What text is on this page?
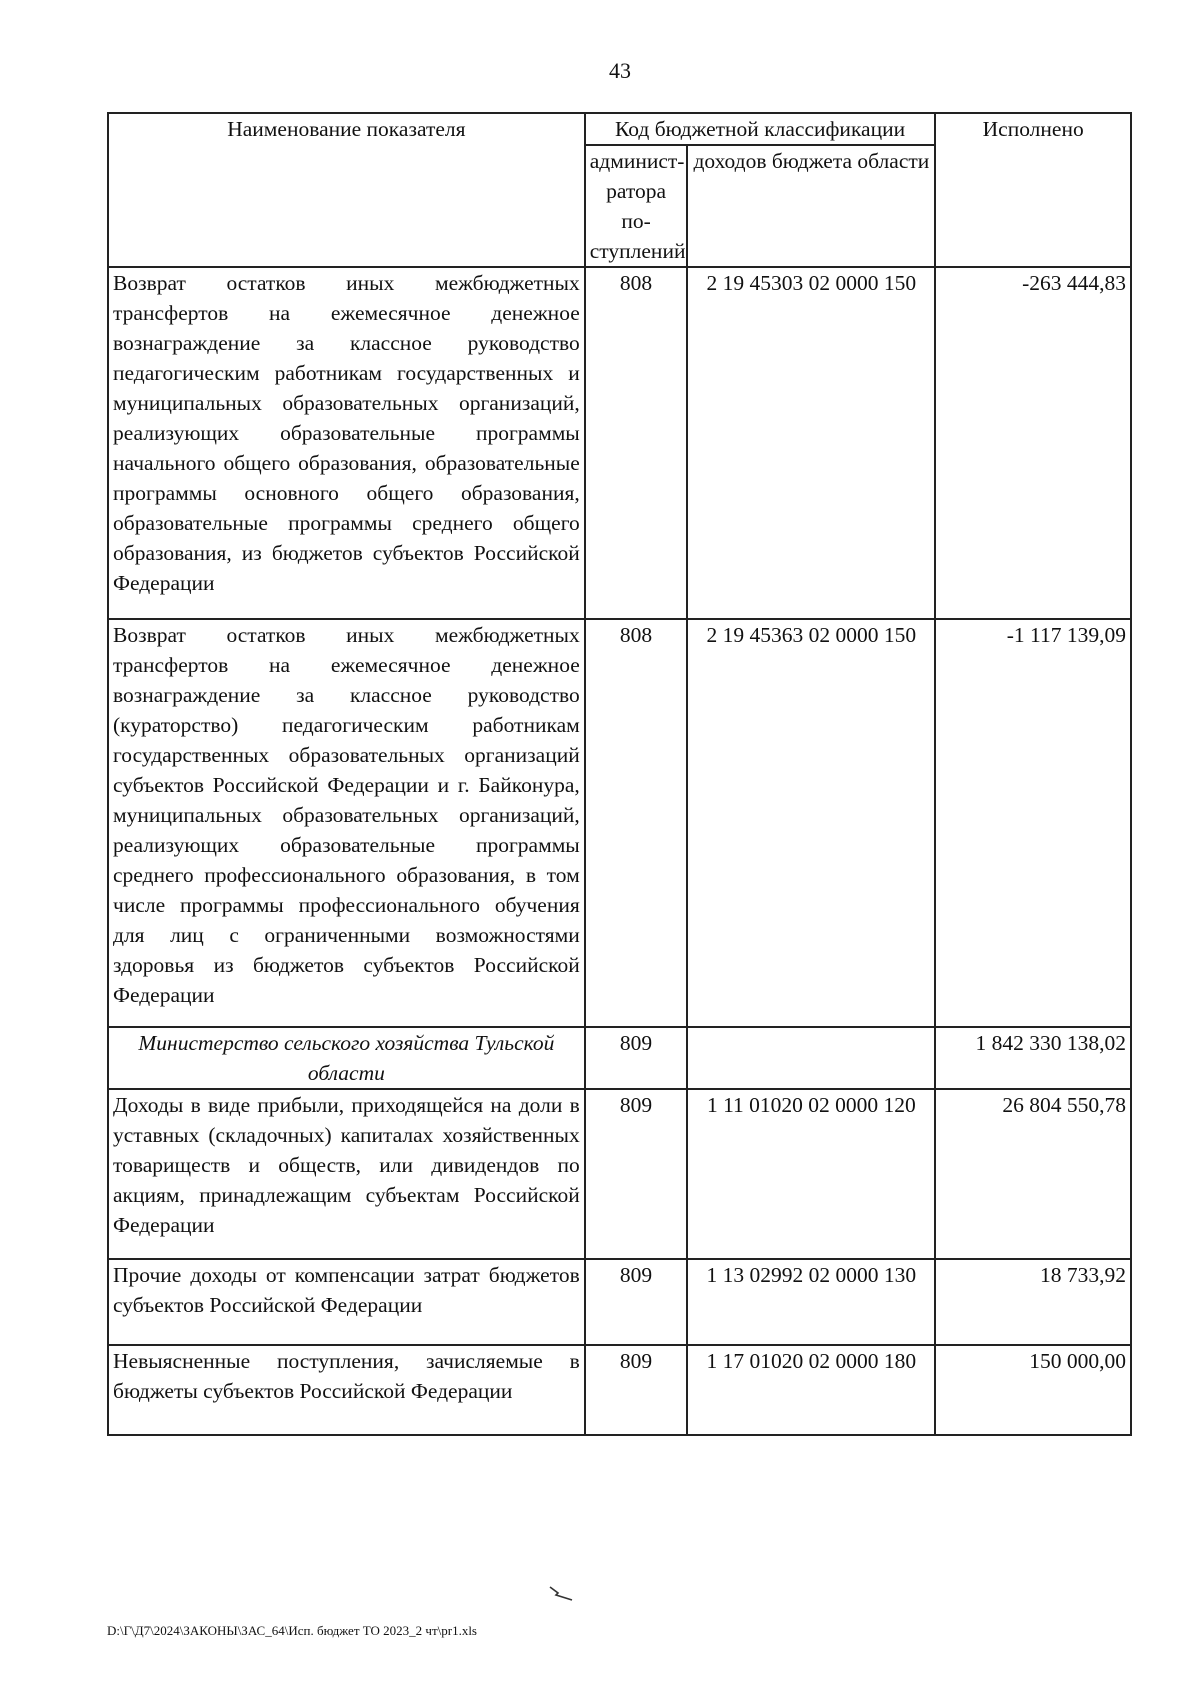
43
Наименование показателя	Код бюджетной классификации		Исполнено
	админист-ратора по-ступлений	доходов бюджета области	
Возврат остатков иных межбюджетных трансфертов на ежемесячное денежное вознаграждение за классное руководство педагогическим работникам государственных и муниципальных образовательных организаций, реализующих образовательные программы начального общего образования, образовательные программы основного общего образования, образовательные программы среднего общего образования, из бюджетов субъектов Российской Федерации	808	2 19 45303 02 0000 150	-263 444,83
Возврат остатков иных межбюджетных трансфертов на ежемесячное денежное вознаграждение за классное руководство (кураторство) педагогическим работникам государственных образовательных организаций субъектов Российской Федерации и г. Байконура, муниципальных образовательных организаций, реализующих образовательные программы среднего профессионального образования, в том числе программы профессионального обучения для лиц с ограниченными возможностями здоровья из бюджетов субъектов Российской Федерации	808	2 19 45363 02 0000 150	-1 117 139,09
Министерство сельского хозяйства Тульской области	809		1 842 330 138,02
Доходы в виде прибыли, приходящейся на доли в уставных (складочных) капиталах хозяйственных товариществ и обществ, или дивидендов по акциям, принадлежащим субъектам Российской Федерации	809	1 11 01020 02 0000 120	26 804 550,78
Прочие доходы от компенсации затрат бюджетов субъектов Российской Федерации	809	1 13 02992 02 0000 130	18 733,92
Невыясненные поступления, зачисляемые в бюджеты субъектов Российской Федерации	809	1 17 01020 02 0000 180	150 000,00
D:\Г\Д7\2024\ЗАКОНЫ\ЗАС_64\Исп. бюджет ТО 2023_2 чт\pr1.xls
